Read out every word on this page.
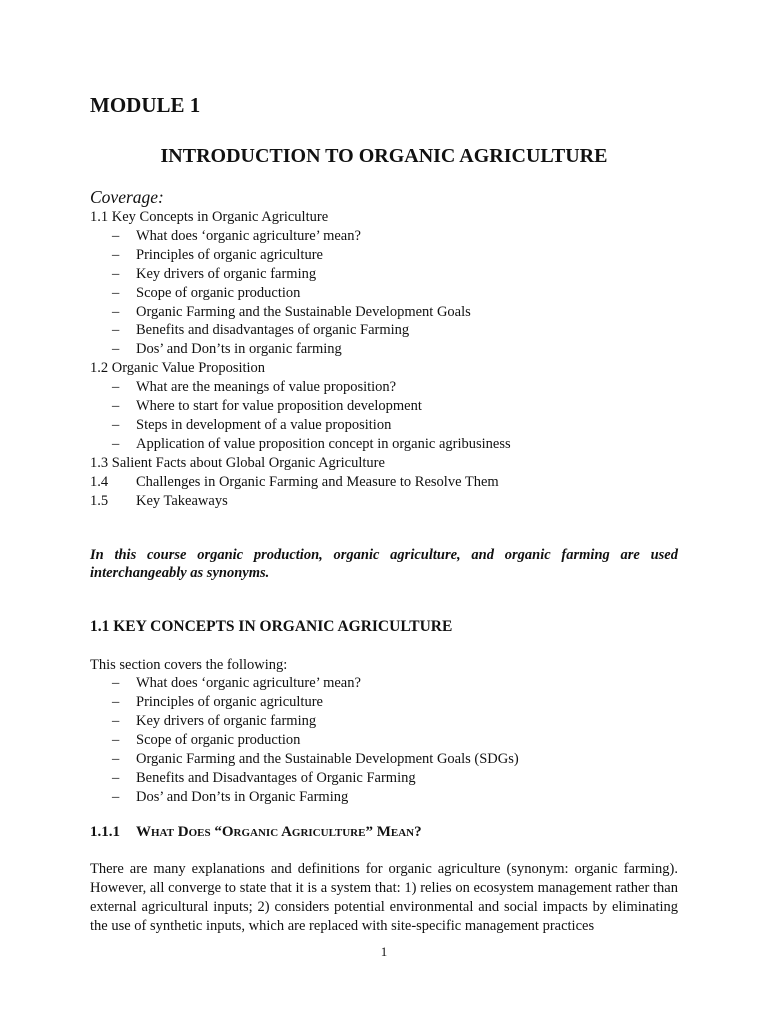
MODULE 1
INTRODUCTION TO ORGANIC AGRICULTURE
Coverage:
1.1 Key Concepts in Organic Agriculture
– What does ‘organic agriculture’ mean?
– Principles of organic agriculture
– Key drivers of organic farming
– Scope of organic production
– Organic Farming and the Sustainable Development Goals
– Benefits and disadvantages of organic Farming
– Dos’ and Don’ts in organic farming
1.2 Organic Value Proposition
– What are the meanings of value proposition?
– Where to start for value proposition development
– Steps in development of a value proposition
– Application of value proposition concept in organic agribusiness
1.3 Salient Facts about Global Organic Agriculture
1.4 Challenges in Organic Farming and Measure to Resolve Them
1.5 Key Takeaways

In this course organic production, organic agriculture, and organic farming are used interchangeably as synonyms.

1.1 KEY CONCEPTS IN ORGANIC AGRICULTURE
This section covers the following:
– What does ‘organic agriculture’ mean?
– Principles of organic agriculture
– Key drivers of organic farming
– Scope of organic production
– Organic Farming and the Sustainable Development Goals (SDGs)
– Benefits and Disadvantages of Organic Farming
– Dos’ and Don’ts in Organic Farming
1.1.1 What Does “Organic Agriculture” Mean?

There are many explanations and definitions for organic agriculture (synonym: organic farming). However, all converge to state that it is a system that: 1) relies on ecosystem management rather than external agricultural inputs; 2) considers potential environmental and social impacts by eliminating the use of synthetic inputs, which are replaced with site-specific management practices

1
